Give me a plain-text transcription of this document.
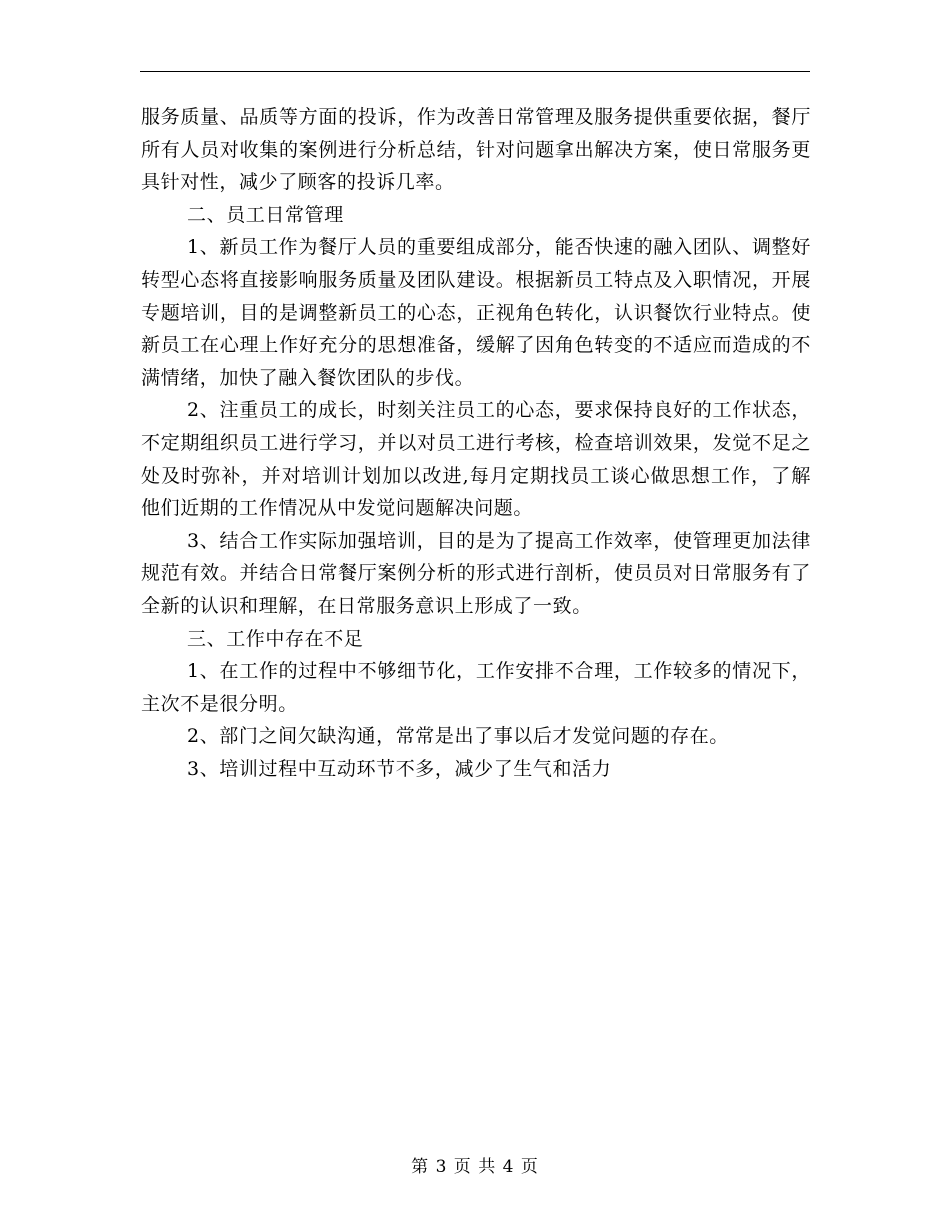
服务质量、品质等方面的投诉，作为改善日常管理及服务提供重要依据，餐厅所有人员对收集的案例进行分析总结，针对问题拿出解决方案，使日常服务更具针对性，减少了顾客的投诉几率。

二、员工日常管理

1、新员工作为餐厅人员的重要组成部分，能否快速的融入团队、调整好转型心态将直接影响服务质量及团队建设。根据新员工特点及入职情况，开展专题培训，目的是调整新员工的心态，正视角色转化，认识餐饮行业特点。使新员工在心理上作好充分的思想准备，缓解了因角色转变的不适应而造成的不满情绪，加快了融入餐饮团队的步伐。

2、注重员工的成长，时刻关注员工的心态，要求保持良好的工作状态，不定期组织员工进行学习，并以对员工进行考核，检查培训效果，发觉不足之处及时弥补，并对培训计划加以改进,每月定期找员工谈心做思想工作，了解他们近期的工作情况从中发觉问题解决问题。

3、结合工作实际加强培训，目的是为了提高工作效率，使管理更加法律规范有效。并结合日常餐厅案例分析的形式进行剖析，使员员对日常服务有了全新的认识和理解，在日常服务意识上形成了一致。

三、工作中存在不足

1、在工作的过程中不够细节化，工作安排不合理，工作较多的情况下，主次不是很分明。

2、部门之间欠缺沟通，常常是出了事以后才发觉问题的存在。

3、培训过程中互动环节不多，减少了生气和活力

第 3 页 共 4 页
